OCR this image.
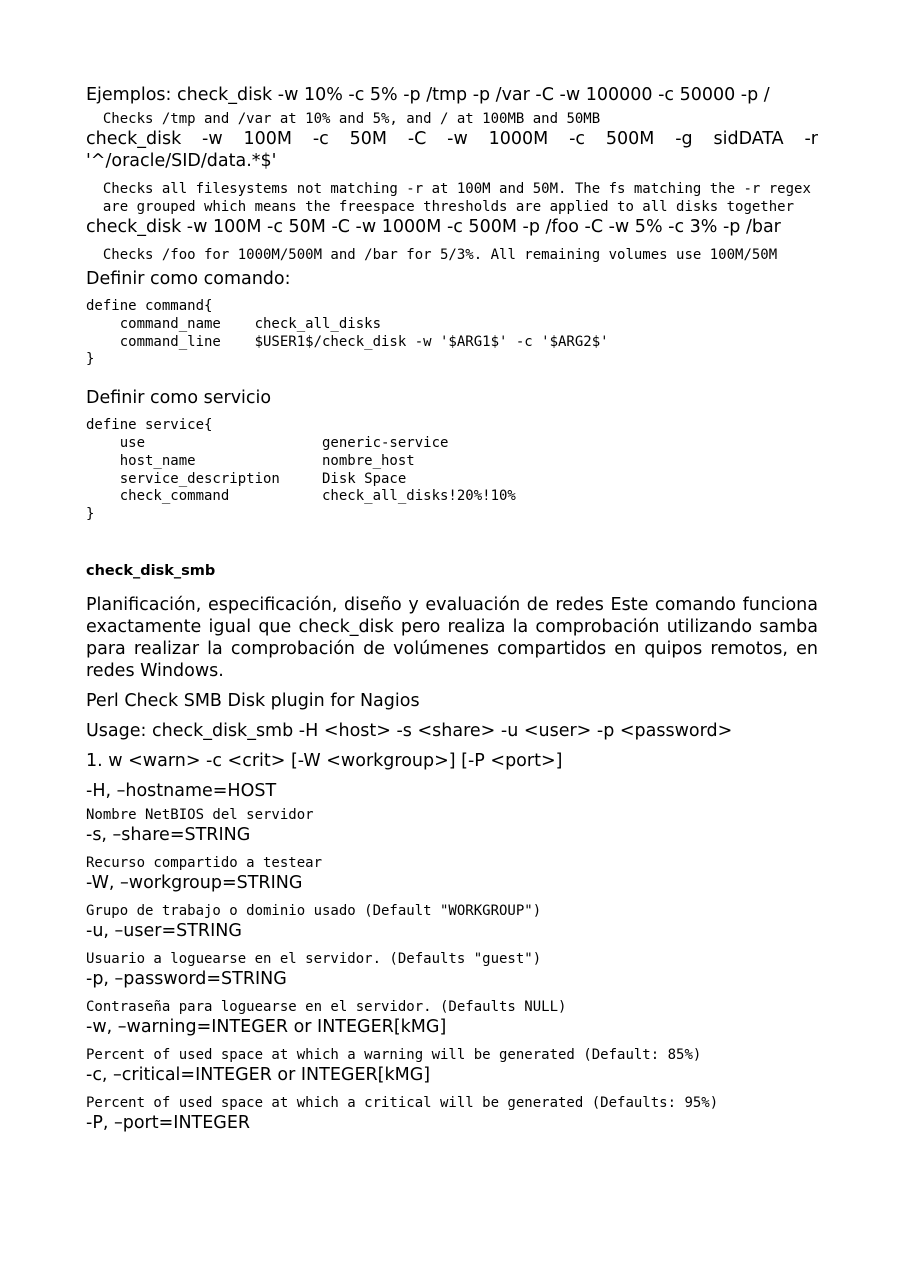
Ejemplos: check_disk -w 10% -c 5% -p /tmp -p /var -C -w 100000 -c 50000 -p /

Checks /tmp and /var at 10% and 5%, and / at 100MB and 50MB

check_disk -w 100M -c 50M -C -w 1000M -c 500M -g sidDATA -r '^/oracle/SID/data.*$'

Checks all filesystems not matching -r at 100M and 50M. The fs matching the -r regex
are grouped which means the freespace thresholds are applied to all disks together

check_disk -w 100M -c 50M -C -w 1000M -c 500M -p /foo -C -w 5% -c 3% -p /bar

Checks /foo for 1000M/500M and /bar for 5/3%. All remaining volumes use 100M/50M

Definir como comando:

define command{
command_name    check_all_disks
command_line    $USER1$/check_disk -w '$ARG1$' -c '$ARG2$'
}

Definir como servicio

define service{
use                     generic-service
host_name               nombre_host
service_description     Disk Space
check_command           check_all_disks!20%!10%
}

check_disk_smb

Planificación, especificación, diseño y evaluación de redes Este comando funciona exactamente igual que check_disk pero realiza la comprobación utilizando samba para realizar la comprobación de volúmenes compartidos en quipos remotos, en redes Windows.

Perl Check SMB Disk plugin for Nagios

Usage: check_disk_smb -H <host> -s <share> -u <user> -p <password>

1. w <warn> -c <crit> [-W <workgroup>] [-P <port>]

-H, –hostname=HOST

Nombre NetBIOS del servidor

-s, –share=STRING

Recurso compartido a testear

-W, –workgroup=STRING

Grupo de trabajo o dominio usado (Default "WORKGROUP")

-u, –user=STRING

Usuario a loguearse en el servidor. (Defaults "guest")

-p, –password=STRING

Contraseña para loguearse en el servidor. (Defaults NULL)

-w, –warning=INTEGER or INTEGER[kMG]

Percent of used space at which a warning will be generated (Default: 85%)

-c, –critical=INTEGER or INTEGER[kMG]

Percent of used space at which a critical will be generated (Defaults: 95%)

-P, –port=INTEGER
